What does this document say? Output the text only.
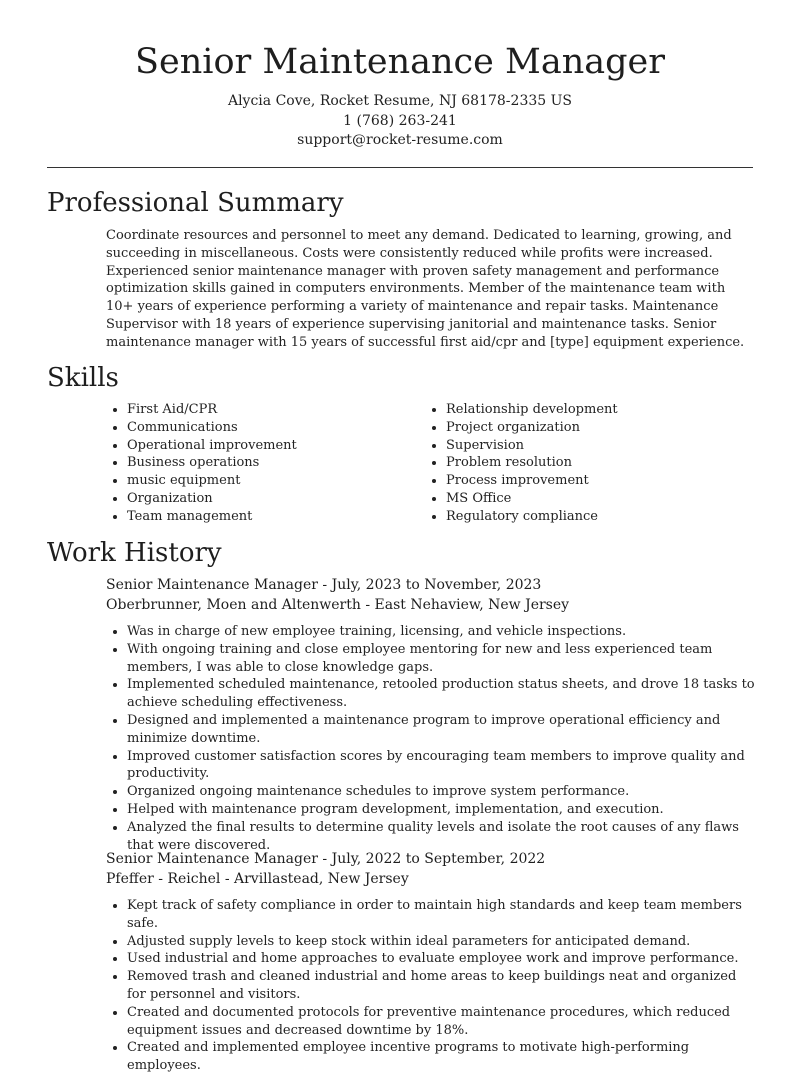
Senior Maintenance Manager
Alycia Cove, Rocket Resume, NJ 68178-2335 US
1 (768) 263-241
support@rocket-resume.com
Professional Summary

Coordinate resources and personnel to meet any demand. Dedicated to learning, growing, and succeeding in miscellaneous. Costs were consistently reduced while profits were increased. Experienced senior maintenance manager with proven safety management and performance optimization skills gained in computers environments. Member of the maintenance team with 10+ years of experience performing a variety of maintenance and repair tasks. Maintenance Supervisor with 18 years of experience supervising janitorial and maintenance tasks. Senior maintenance manager with 15 years of successful first aid/cpr and [type] equipment experience.

Skills
• First Aid/CPR
• Communications
• Operational improvement
• Business operations
• music equipment
• Organization
• Team management
• Relationship development
• Project organization
• Supervision
• Problem resolution
• Process improvement
• MS Office
• Regulatory compliance
Work History
Senior Maintenance Manager - July, 2023 to November, 2023
Oberbrunner, Moen and Altenwerth - East Nehaview, New Jersey
• Was in charge of new employee training, licensing, and vehicle inspections.
• With ongoing training and close employee mentoring for new and less experienced team members, I was able to close knowledge gaps.
• Implemented scheduled maintenance, retooled production status sheets, and drove 18 tasks to achieve scheduling effectiveness.
• Designed and implemented a maintenance program to improve operational efficiency and minimize downtime.
• Improved customer satisfaction scores by encouraging team members to improve quality and productivity.
• Organized ongoing maintenance schedules to improve system performance.
• Helped with maintenance program development, implementation, and execution.
• Analyzed the final results to determine quality levels and isolate the root causes of any flaws that were discovered.
Senior Maintenance Manager - July, 2022 to September, 2022
Pfeffer - Reichel - Arvillastead, New Jersey
• Kept track of safety compliance in order to maintain high standards and keep team members safe.
• Adjusted supply levels to keep stock within ideal parameters for anticipated demand.
• Used industrial and home approaches to evaluate employee work and improve performance.
• Removed trash and cleaned industrial and home areas to keep buildings neat and organized for personnel and visitors.
• Created and documented protocols for preventive maintenance procedures, which reduced equipment issues and decreased downtime by 18%.
• Created and implemented employee incentive programs to motivate high-performing employees.
